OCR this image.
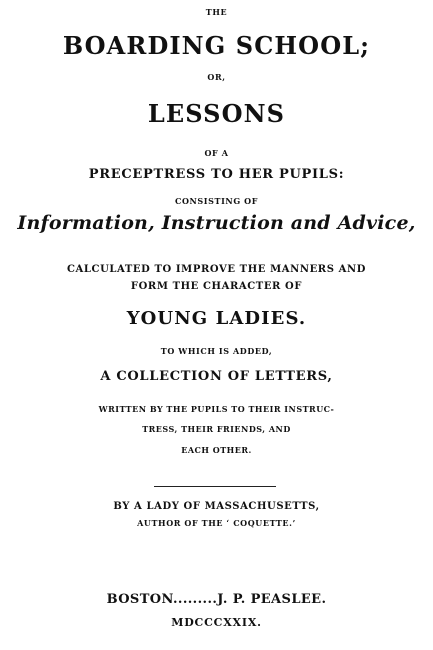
THE
BOARDING SCHOOL;
OR,
LESSONS
OF A
PRECEPTRESS TO HER PUPILS:
CONSISTING OF
Information, Instruction and Advice,
CALCULATED TO IMPROVE THE MANNERS AND
FORM THE CHARACTER OF
YOUNG LADIES.
TO WHICH IS ADDED,
A COLLECTION OF LETTERS,
WRITTEN BY THE PUPILS TO THEIR INSTRUC-
TRESS, THEIR FRIENDS, AND
EACH OTHER.
BY A LADY OF MASSACHUSETTS,
AUTHOR OF THE ‘ COQUETTE.’
BOSTON.........J. P. PEASLEE.
MDCCCXXIX.
